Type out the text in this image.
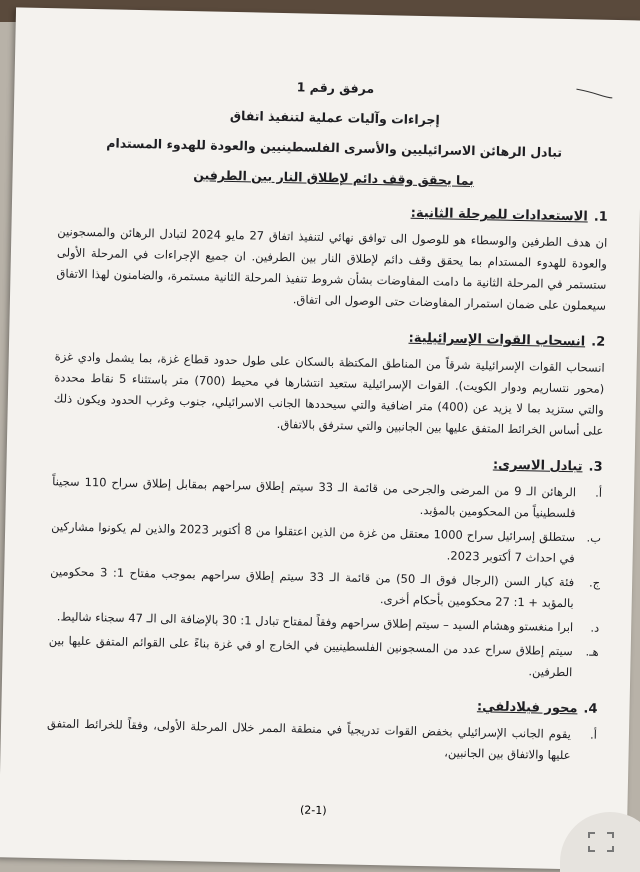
مرفق رقم 1
إجراءات وآليات عملية لتنفيذ اتفاق
تبادل الرهائن الاسرائيليين والأسرى الفلسطينيين والعودة للهدوء المستدام
بما يحقق وقف دائم لإطلاق النار بين الطرفين
1.الاستعدادات للمرحلة الثانية:

ان هدف الطرفين والوسطاء هو للوصول الى توافق نهائي لتنفيذ اتفاق 27 مايو 2024 لتبادل الرهائن والمسجونين والعودة للهدوء المستدام بما يحقق وقف دائم لإطلاق النار بين الطرفين. ان جميع الإجراءات في المرحلة الأولى ستستمر في المرحلة الثانية ما دامت المفاوضات بشأن شروط تنفيذ المرحلة الثانية مستمرة، والضامنون لهذا الاتفاق سيعملون على ضمان استمرار المفاوضات حتى الوصول الى اتفاق.

2.انسحاب القوات الإسرائيلية:

انسحاب القوات الإسرائيلية شرقاً من المناطق المكتظة بالسكان على طول حدود قطاع غزة، بما يشمل وادي غزة (محور نتساريم ودوار الكويت). القوات الإسرائيلية ستعيد انتشارها في محيط (700) متر باستثناء 5 نقاط محددة والتي ستزيد بما لا يزيد عن (400) متر اضافية والتي سيحددها الجانب الاسرائيلي، جنوب وغرب الحدود ويكون ذلك على أساس الخرائط المتفق عليها بين الجانبين والتي سترفق بالاتفاق.

3.تبادل الاسرى:
أ.
الرهائن الـ 9 من المرضى والجرحى من قائمة الـ 33 سيتم إطلاق سراحهم بمقابل إطلاق سراح 110 سجيناً فلسطينياً من المحكومين بالمؤبد.
ب.
ستطلق إسرائيل سراح 1000 معتقل من غزة من الذين اعتقلوا من 8 أكتوبر 2023 والذين لم يكونوا مشاركين في احداث 7 أكتوبر 2023.
ج.
فئة كبار السن (الرجال فوق الـ 50) من قائمة الـ 33 سيتم إطلاق سراحهم بموجب مفتاح 1: 3 محكومين بالمؤبد + 1: 27 محكومين بأحكام أخرى.
د.
ابرا منغستو وهشام السيد – سيتم إطلاق سراحهم وفقاً لمفتاح تبادل 1: 30 بالإضافة الى الـ 47 سجناء شاليط.
هـ.
سيتم إطلاق سراح عدد من المسجونين الفلسطينيين في الخارج او في غزة بناءً على القوائم المتفق عليها بين الطرفين.
4.محور فيلادلفي:
أ.
يقوم الجانب الإسرائيلي بخفض القوات تدريجياً في منطقة الممر خلال المرحلة الأولى، وفقاً للخرائط المتفق عليها والاتفاق بين الجانبين،
(2-1)
